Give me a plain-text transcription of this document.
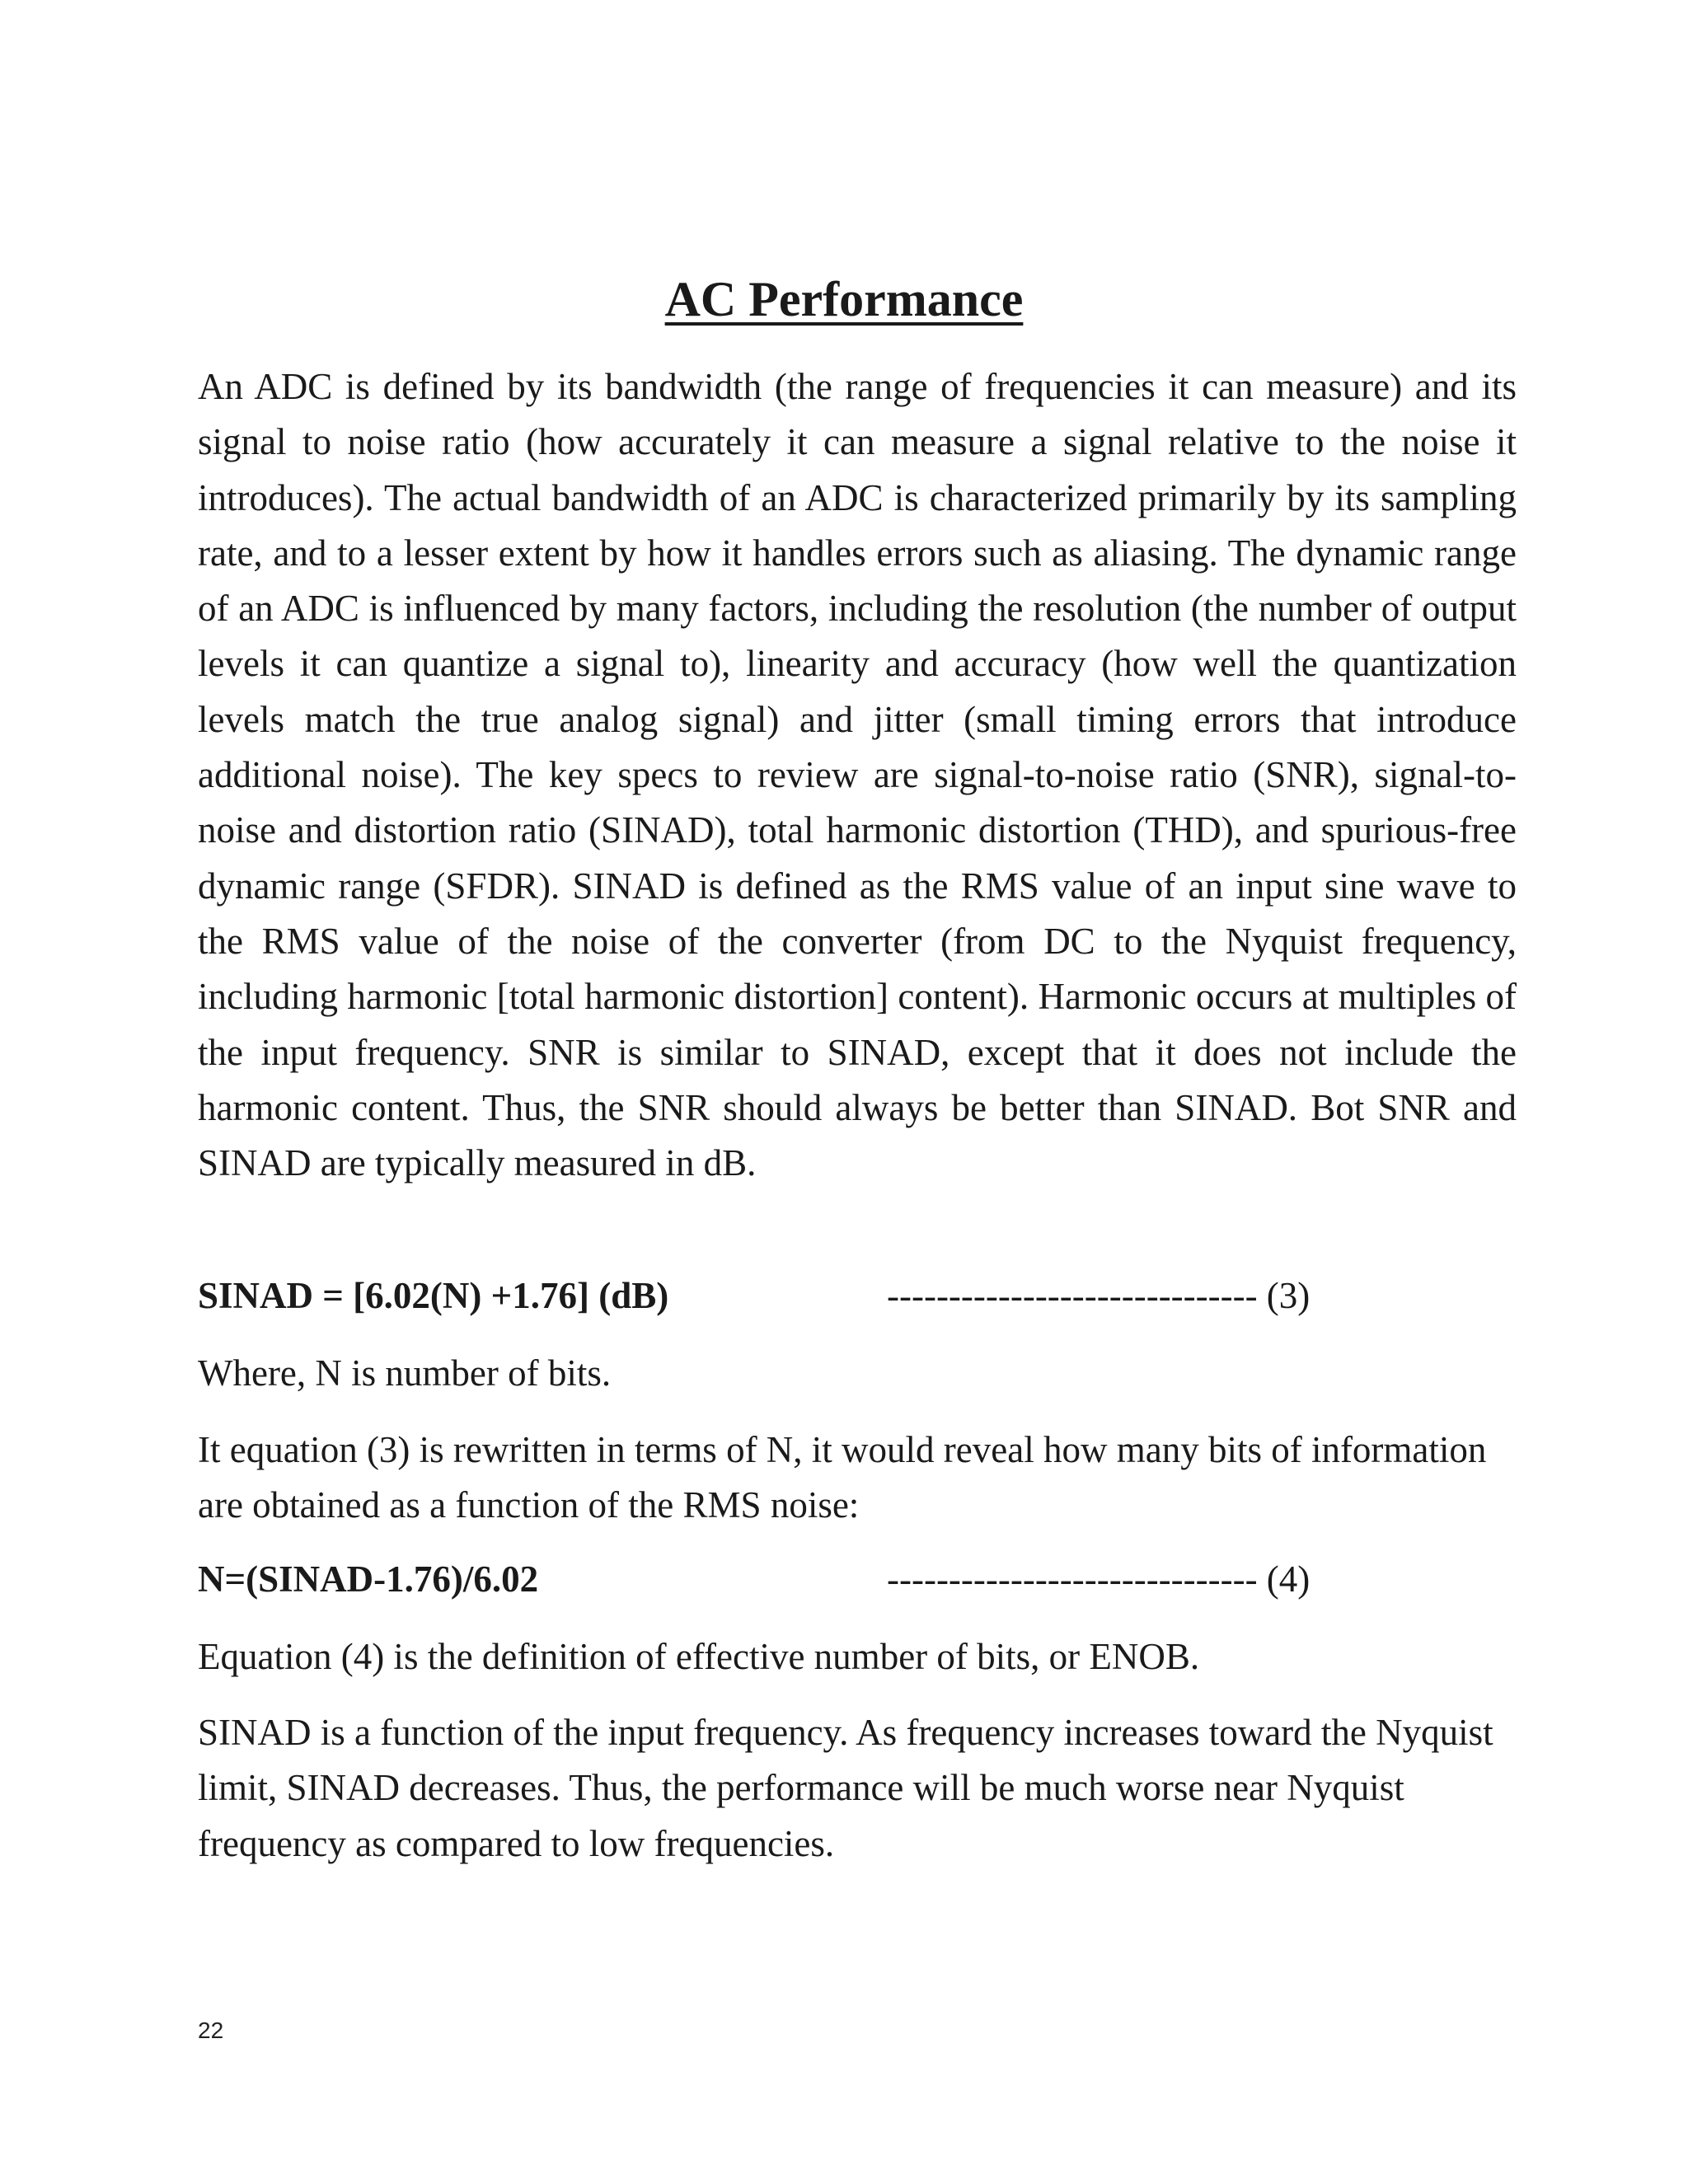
AC Performance

An ADC is defined by its bandwidth (the range of frequencies it can measure) and its signal to noise ratio (how accurately it can measure a signal relative to the noise it introduces). The actual bandwidth of an ADC is characterized primarily by its sampling rate, and to a lesser extent by how it handles errors such as aliasing. The dynamic range of an ADC is influenced by many factors, including the resolution (the number of output levels it can quantize a signal to), linearity and accuracy (how well the quantization levels match the true analog signal) and jitter (small timing errors that introduce additional noise). The key specs to review are signal-to-noise ratio (SNR), signal-to-noise and distortion ratio (SINAD), total harmonic distortion (THD), and spurious-free dynamic range (SFDR). SINAD is defined as the RMS value of an input sine wave to the RMS value of the noise of the converter (from DC to the Nyquist frequency, including harmonic [total harmonic distortion] content). Harmonic occurs at multiples of the input frequency. SNR is similar to SINAD, except that it does not include the harmonic content. Thus, the SNR should always be better than SINAD. Bot SNR and SINAD are typically measured in dB.

SINAD = [6.02(N) +1.76] (dB)	------------------------------ (3)

Where, N is number of bits.

It equation (3) is rewritten in terms of N, it would reveal how many bits of information are obtained as a function of the RMS noise:

N=(SINAD-1.76)/6.02	------------------------------ (4)

Equation (4) is the definition of effective number of bits, or ENOB.

SINAD is a function of the input frequency. As frequency increases toward the Nyquist limit, SINAD decreases. Thus, the performance will be much worse near Nyquist frequency as compared to low frequencies.

22
